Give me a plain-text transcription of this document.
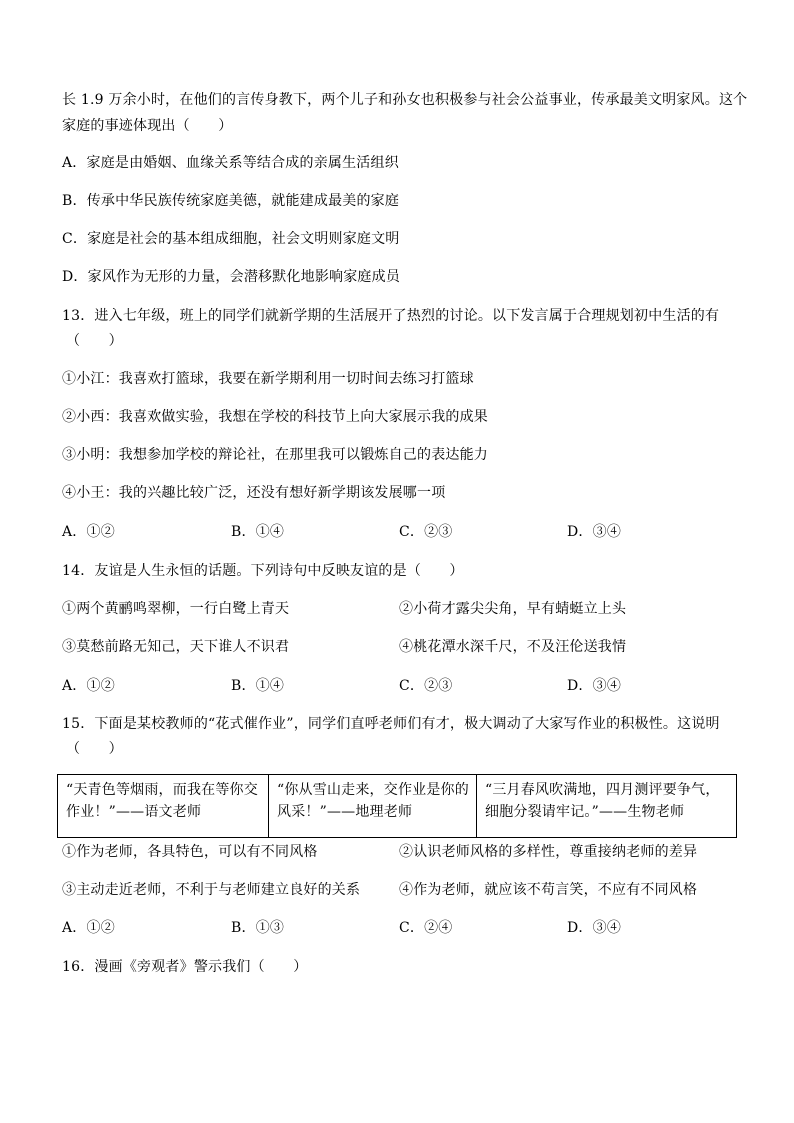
长 1.9 万余小时，在他们的言传身教下，两个儿子和孙女也积极参与社会公益事业，传承最美文明家风。这个
家庭的事迹体现出（　　）
A．家庭是由婚姻、血缘关系等结合成的亲属生活组织
B．传承中华民族传统家庭美德，就能建成最美的家庭
C．家庭是社会的基本组成细胞，社会文明则家庭文明
D．家风作为无形的力量，会潜移默化地影响家庭成员
13．进入七年级，班上的同学们就新学期的生活展开了热烈的讨论。以下发言属于合理规划初中生活的有
（　　）
①小江：我喜欢打篮球，我要在新学期利用一切时间去练习打篮球
②小西：我喜欢做实验，我想在学校的科技节上向大家展示我的成果
③小明：我想参加学校的辩论社，在那里我可以锻炼自己的表达能力
④小王：我的兴趣比较广泛，还没有想好新学期该发展哪一项
A．①②	B．①④	C．②③	D．③④
14．友谊是人生永恒的话题。下列诗句中反映友谊的是（　　）
①两个黄鹂鸣翠柳，一行白鹭上青天	②小荷才露尖尖角，早有蜻蜓立上头
③莫愁前路无知己，天下谁人不识君	④桃花潭水深千尺，不及汪伦送我情
A．①②	B．①④	C．②③	D．③④
15．下面是某校教师的“花式催作业”，同学们直呼老师们有才，极大调动了大家写作业的积极性。这说明
（　　）
“天青色等烟雨，而我在等你交作业！”——语文老师	“你从雪山走来，交作业是你的风采！”——地理老师	“三月春风吹满地，四月测评要争气，细胞分裂请牢记。”——生物老师
①作为老师，各具特色，可以有不同风格	②认识老师风格的多样性，尊重接纳老师的差异
③主动走近老师，不利于与老师建立良好的关系	④作为老师，就应该不苟言笑，不应有不同风格
A．①②	B．①③	C．②④	D．③④
16．漫画《旁观者》警示我们（　　）
